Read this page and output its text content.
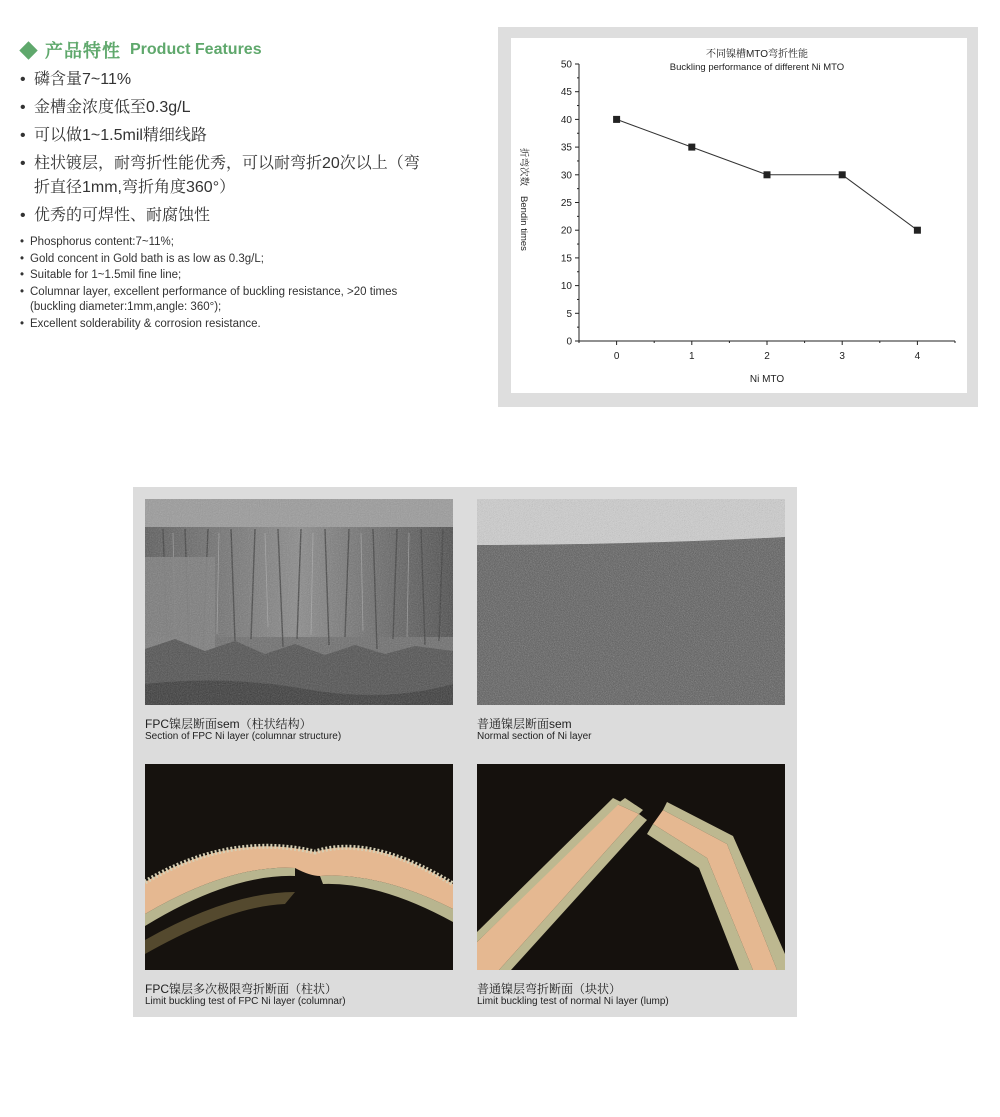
产品特性 Product Features
• 磷含量7~11%
• 金槽金浓度低至0.3g/L
• 可以做1~1.5mil精细线路
• 柱状镀层，耐弯折性能优秀，可以耐弯折20次以上（弯折直径1mm,弯折角度360°）
• 优秀的可焊性、耐腐蚀性
• Phosphorus content:7~11%;
• Gold concent in Gold bath is as low as 0.3g/L;
• Suitable for 1~1.5mil fine line;
• Columnar layer, excellent performance of buckling resistance, >20 times (buckling diameter:1mm,angle: 360°);
• Excellent solderability & corrosion resistance.
不同镍槽MTO弯折性能
Buckling performance of different Ni MTO
Ni MTO
折弯次数
Bendin times
0
5
10
15
20
25
30
35
40
45
50
0	1	2	3	4
FPC镍层断面sem（柱状结构）
Section of FPC Ni layer (columnar structure)
普通镍层断面sem
Normal section of Ni layer
FPC镍层多次极限弯折断面（柱状）
Limit buckling test of FPC Ni layer (columnar)
普通镍层弯折断面（块状）
Limit buckling test of normal Ni layer (lump)
